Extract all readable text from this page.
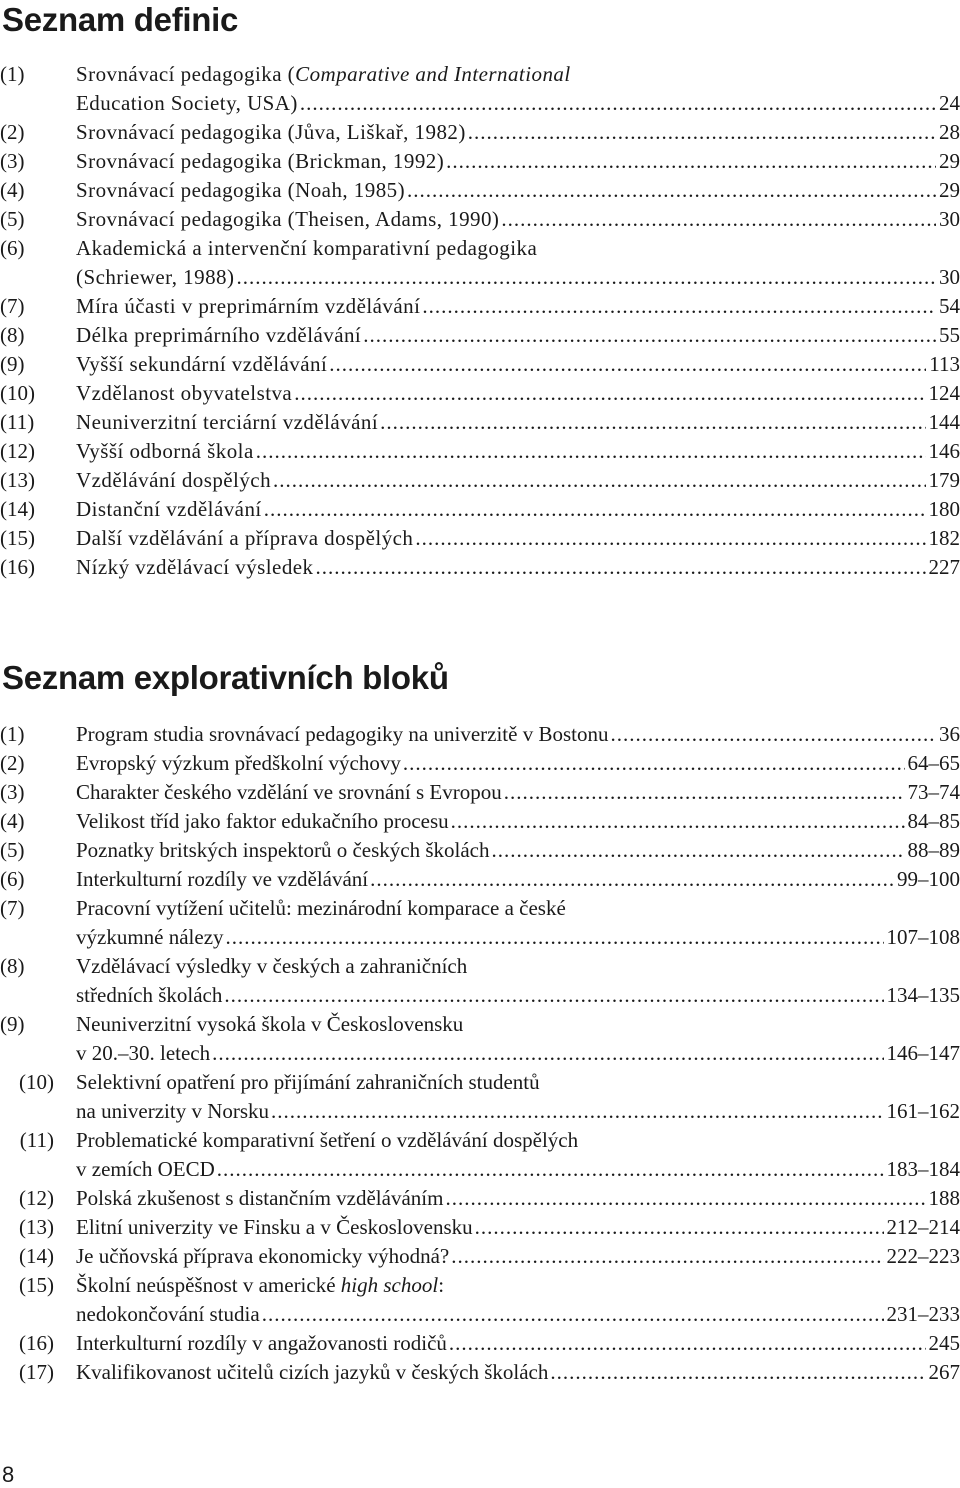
Seznam definic
(1)	Srovnávací pedagogika (Comparative and International
Education Society, USA) .....	24
(2)	Srovnávací pedagogika (Jůva, Liškař, 1982) .....	28
(3)	Srovnávací pedagogika (Brickman, 1992) .....	29
(4)	Srovnávací pedagogika (Noah, 1985) .....	29
(5)	Srovnávací pedagogika (Theisen, Adams, 1990) .....	30
(6)	Akademická a intervenční komparativní pedagogika
(Schriewer, 1988) .....	30
(7)	Míra účasti v preprimárním vzdělávání .....	54
(8)	Délka preprimárního vzdělávání .....	55
(9)	Vyšší sekundární vzdělávání .....	113
(10)	Vzdělanost obyvatelstva .....	124
(11)	Neuniverzitní terciární vzdělávání .....	144
(12)	Vyšší odborná škola .....	146
(13)	Vzdělávání dospělých .....	179
(14)	Distanční vzdělávání .....	180
(15)	Další vzdělávání a příprava dospělých .....	182
(16)	Nízký vzdělávací výsledek .....	227
Seznam explorativních bloků
(1)	Program studia srovnávací pedagogiky na univerzitě v Bostonu .....	36
(2)	Evropský výzkum předškolní výchovy .....	64–65
(3)	Charakter českého vzdělání ve srovnání s Evropou .....	73–74
(4)	Velikost tříd jako faktor edukačního procesu .....	84–85
(5)	Poznatky britských inspektorů o českých školách .....	88–89
(6)	Interkulturní rozdíly ve vzdělávání .....	99–100
(7)	Pracovní vytížení učitelů: mezinárodní komparace a české
výzkumné nálezy .....	107–108
(8)	Vzdělávací výsledky v českých a zahraničních
středních školách .....	134–135
(9)	Neuniverzitní vysoká škola v Československu
v 20.–30. letech .....	146–147
(10) Selektivní opatření pro přijímání zahraničních studentů
na univerzity v Norsku .....	161–162
(11) Problematické komparativní šetření o vzdělávání dospělých
v zemích OECD .....	183–184
(12) Polská zkušenost s distančním vzděláváním .....	188
(13) Elitní univerzity ve Finsku a v Československu .....	212–214
(14) Je učňovská příprava ekonomicky výhodná? .....	222–223
(15) Školní neúspěšnost v americké high school:
nedokončování studia .....	231–233
(16) Interkulturní rozdíly v angažovanosti rodičů .....	245
(17) Kvalifikovanost učitelů cizích jazyků v českých školách .....	267
8
